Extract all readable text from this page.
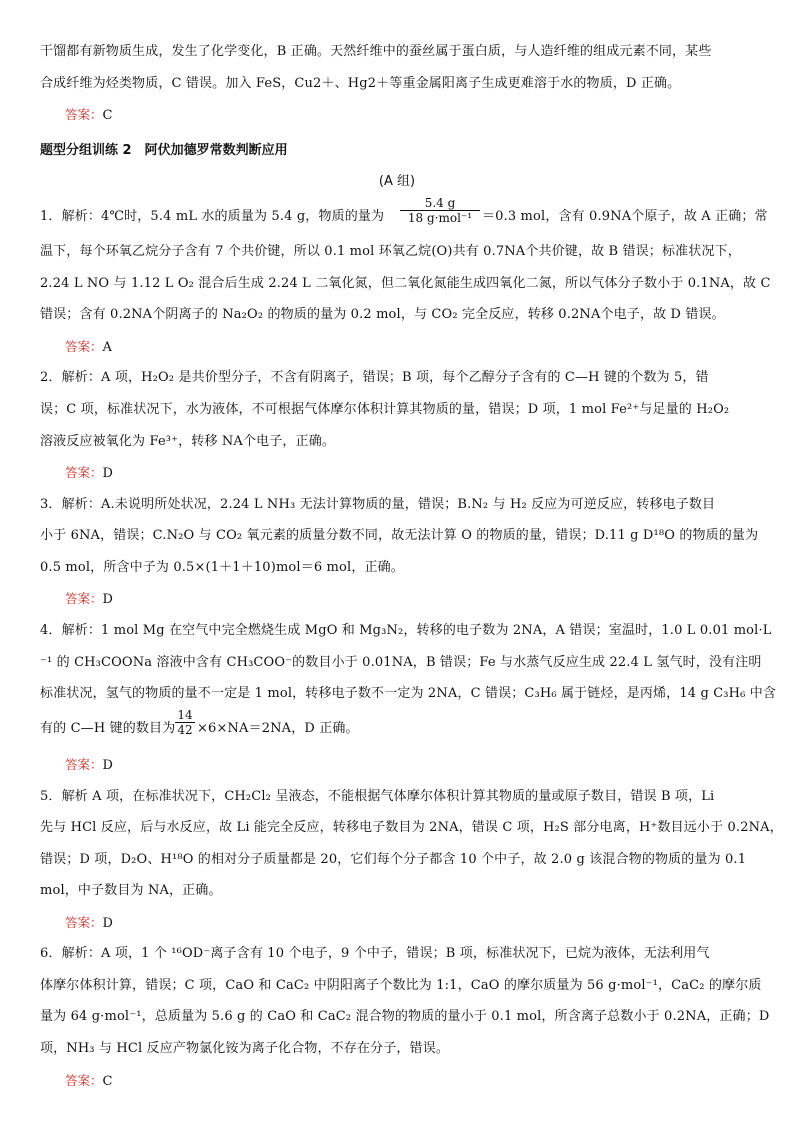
干馏都有新物质生成，发生了化学变化，B 正确。天然纤维中的蚕丝属于蛋白质，与人造纤维的组成元素不同，某些
合成纤维为烃类物质，C 错误。加入 FeS，Cu2＋、Hg2＋等重金属阳离子生成更难溶于水的物质，D 正确。
答案：C
题型分组训练 2　阿伏加德罗常数判断应用
(A 组)
1．解析：4℃时，5.4 mL 水的质量为 5.4 g，物质的量为
5.4 g
18 g·mol⁻¹ ＝0.3 mol，含有 0.9NA个原子，故 A 正确；常
温下，每个环氧乙烷分子含有 7 个共价键，所以 0.1 mol 环氧乙烷(O)共有 0.7NA个共价键，故 B 错误；标准状况下，
2.24 L NO 与 1.12 L O₂ 混合后生成 2.24 L 二氧化氮，但二氧化氮能生成四氧化二氮，所以气体分子数小于 0.1NA，故 C
错误；含有 0.2NA个阴离子的 Na₂O₂ 的物质的量为 0.2 mol，与 CO₂ 完全反应，转移 0.2NA个电子，故 D 错误。
答案：A
2．解析：A 项，H₂O₂ 是共价型分子，不含有阴离子，错误；B 项，每个乙醇分子含有的 C—H 键的个数为 5，错
误；C 项，标准状况下，水为液体，不可根据气体摩尔体积计算其物质的量，错误；D 项，1 mol Fe²⁺与足量的 H₂O₂
溶液反应被氧化为 Fe³⁺，转移 NA个电子，正确。
答案：D
3．解析：A.未说明所处状况，2.24 L NH₃ 无法计算物质的量，错误；B.N₂ 与 H₂ 反应为可逆反应，转移电子数目
小于 6NA，错误；C.N₂O 与 CO₂ 氧元素的质量分数不同，故无法计算 O 的物质的量，错误；D.11 g D¹⁸O 的物质的量为
0.5 mol，所含中子为 0.5×(1＋1＋10)mol＝6 mol，正确。
答案：D
4．解析：1 mol Mg 在空气中完全燃烧生成 MgO 和 Mg₃N₂，转移的电子数为 2NA，A 错误；室温时，1.0 L 0.01 mol·L
⁻¹ 的 CH₃COONa 溶液中含有 CH₃COO⁻的数目小于 0.01NA，B 错误；Fe 与水蒸气反应生成 22.4 L 氢气时，没有注明
标准状况，氢气的物质的量不一定是 1 mol，转移电子数不一定为 2NA，C 错误；C₃H₆ 属于链烃，是丙烯，14 g C₃H₆ 中含
有的 C—H 键的数目为
14
42 ×6×NA＝2NA，D 正确。
答案：D
5．解析 A 项，在标准状况下，CH₂Cl₂ 呈液态，不能根据气体摩尔体积计算其物质的量或原子数目，错误 B 项，Li
先与 HCl 反应，后与水反应，故 Li 能完全反应，转移电子数目为 2NA，错误 C 项，H₂S 部分电离，H⁺数目远小于 0.2NA，
错误；D 项，D₂O、H¹⁸O 的相对分子质量都是 20，它们每个分子都含 10 个中子，故 2.0 g 该混合物的物质的量为 0.1
mol，中子数目为 NA，正确。
答案：D
6．解析：A 项，1 个 ¹⁶OD⁻离子含有 10 个电子，9 个中子，错误；B 项，标准状况下，已烷为液体，无法利用气
体摩尔体积计算，错误；C 项，CaO 和 CaC₂ 中阴阳离子个数比为 1:1，CaO 的摩尔质量为 56 g·mol⁻¹，CaC₂ 的摩尔质
量为 64 g·mol⁻¹，总质量为 5.6 g 的 CaO 和 CaC₂ 混合物的物质的量小于 0.1 mol，所含离子总数小于 0.2NA，正确；D
项，NH₃ 与 HCl 反应产物氯化铵为离子化合物，不存在分子，错误。
答案：C
